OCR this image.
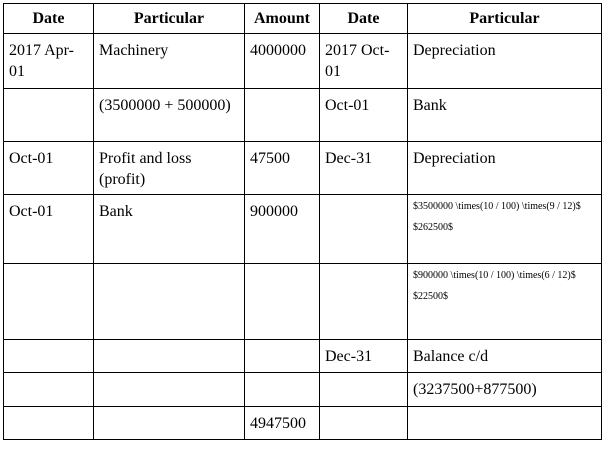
Date	Particular	Amount	Date	Particular
2017 Apr-01	Machinery	4000000	2017 Oct-01	Depreciation
	(3500000 + 500000)		Oct-01	Bank
Oct-01	Profit and loss (profit)	47500	Dec-31	Depreciation
Oct-01	Bank	900000		$3500000 \times(10 / 100) \times(9 / 12)$
$262500$

				$900000 \times(10 / 100) \times(6 / 12)$
$22500$

			Dec-31	Balance c/d
				(3237500+877500)
		4947500		
